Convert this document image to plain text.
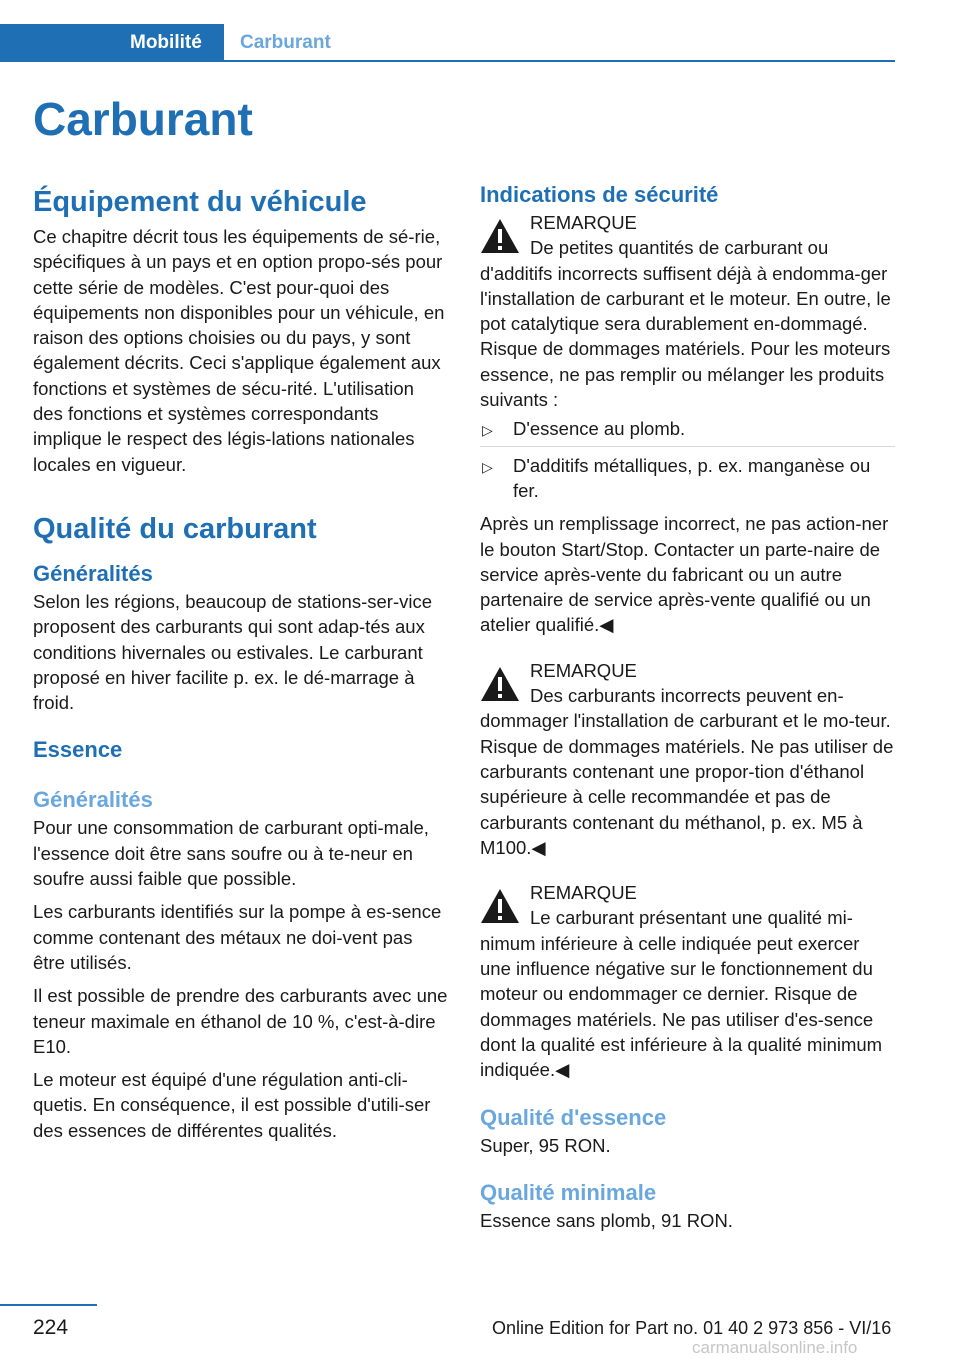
Mobilité	Carburant
Carburant
Équipement du véhicule

Ce chapitre décrit tous les équipements de sé‐rie, spécifiques à un pays et en option propo‐sés pour cette série de modèles. C'est pour‐quoi des équipements non disponibles pour un véhicule, en raison des options choisies ou du pays, y sont également décrits. Ceci s'applique également aux fonctions et systèmes de sécu‐rité. L'utilisation des fonctions et systèmes correspondants implique le respect des légis‐lations nationales locales en vigueur.

Qualité du carburant
Généralités

Selon les régions, beaucoup de stations-ser‐vice proposent des carburants qui sont adap‐tés aux conditions hivernales ou estivales. Le carburant proposé en hiver facilite p. ex. le dé‐marrage à froid.

Essence
Généralités

Pour une consommation de carburant opti‐male, l'essence doit être sans soufre ou à te‐neur en soufre aussi faible que possible.

Les carburants identifiés sur la pompe à es‐sence comme contenant des métaux ne doi‐vent pas être utilisés.

Il est possible de prendre des carburants avec une teneur maximale en éthanol de 10 %, c'est-à-dire E10.

Le moteur est équipé d'une régulation anti-cli‐quetis. En conséquence, il est possible d'utili‐ser des essences de différentes qualités.

Indications de sécurité
REMARQUE
De petites quantités de carburant ou

d'additifs incorrects suffisent déjà à endomma‐ger l'installation de carburant et le moteur. En outre, le pot catalytique sera durablement en‐dommagé. Risque de dommages matériels. Pour les moteurs essence, ne pas remplir ou mélanger les produits suivants :

▷ D'essence au plomb.
▷ D'additifs métalliques, p. ex. manganèse ou fer.

Après un remplissage incorrect, ne pas action‐ner le bouton Start/Stop. Contacter un parte‐naire de service après-vente du fabricant ou un autre partenaire de service après-vente qualifié ou un atelier qualifié.◀

REMARQUE
Des carburants incorrects peuvent en‐

dommager l'installation de carburant et le mo‐teur. Risque de dommages matériels. Ne pas utiliser de carburants contenant une propor‐tion d'éthanol supérieure à celle recommandée et pas de carburants contenant du méthanol, p. ex. M5 à M100.◀

REMARQUE
Le carburant présentant une qualité mi‐

nimum inférieure à celle indiquée peut exercer une influence négative sur le fonctionnement du moteur ou endommager ce dernier. Risque de dommages matériels. Ne pas utiliser d'es‐sence dont la qualité est inférieure à la qualité minimum indiquée.◀

Qualité d'essence

Super, 95 RON.

Qualité minimale

Essence sans plomb, 91 RON.

224	Online Edition for Part no. 01 40 2 973 856 - VI/16
carmanualsonline.info
